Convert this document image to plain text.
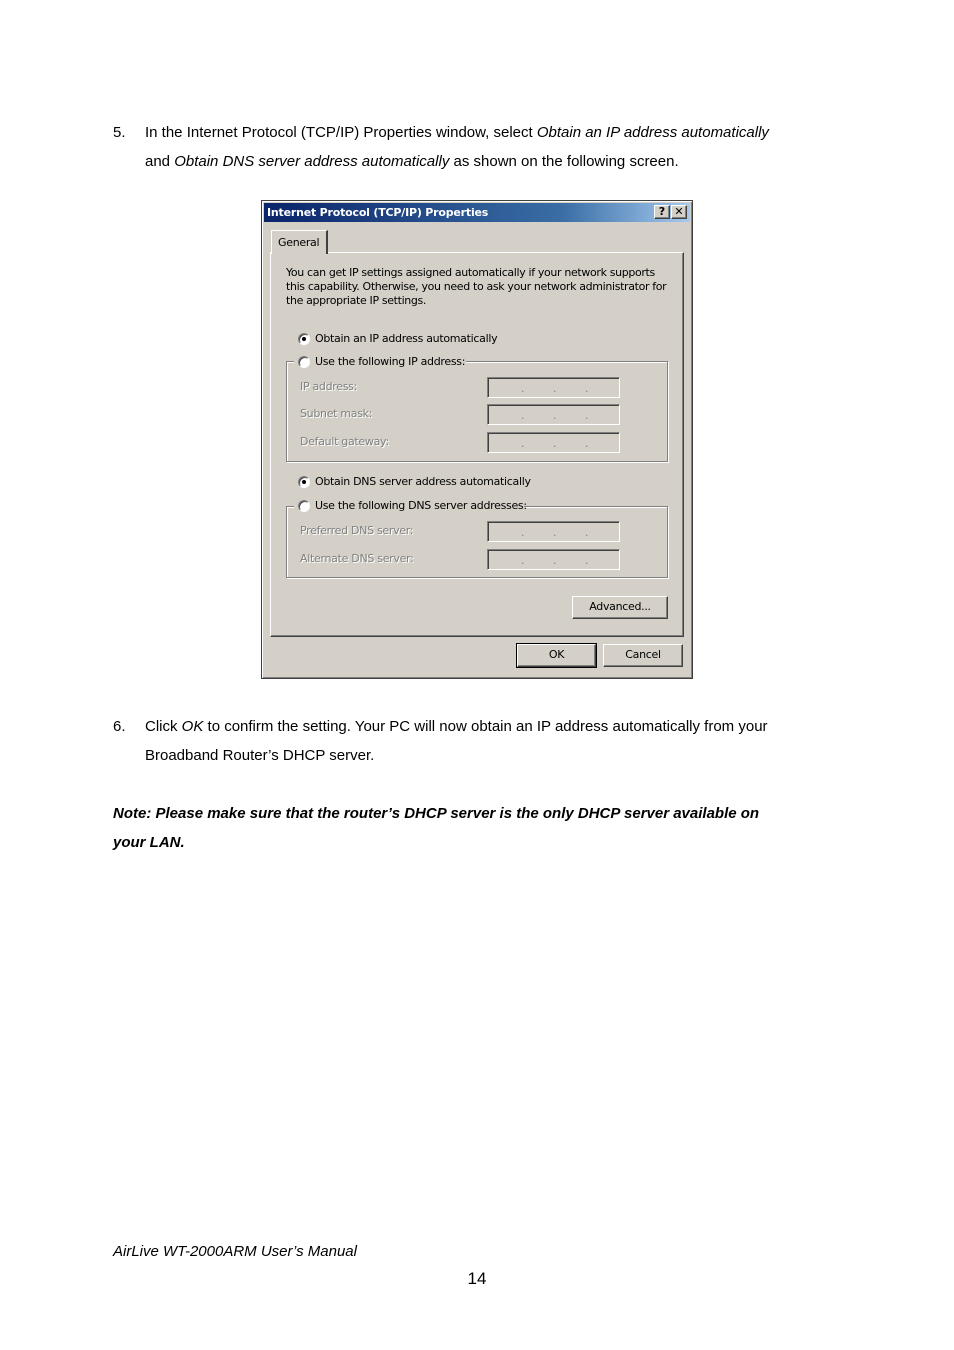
5.	In the Internet Protocol (TCP/IP) Properties window, select Obtain an IP address automatically
and Obtain DNS server address automatically as shown on the following screen.
Internet Protocol (TCP/IP) Properties	? ✕
General
You can get IP settings assigned automatically if your network supports
this capability. Otherwise, you need to ask your network administrator for
the appropriate IP settings.
Obtain an IP address automatically
Use the following IP address:
IP address:	.	.	.
Subnet mask:	.	.	.
Default gateway:	.	.	.
Obtain DNS server address automatically
Use the following DNS server addresses:
Preferred DNS server:	.	.	.
Alternate DNS server:	.	.	.
Advanced...
OK	Cancel
6.	Click OK to confirm the setting. Your PC will now obtain an IP address automatically from your
Broadband Router’s DHCP server.
Note: Please make sure that the router’s DHCP server is the only DHCP server available on
your LAN.
AirLive WT-2000ARM User’s Manual
14
